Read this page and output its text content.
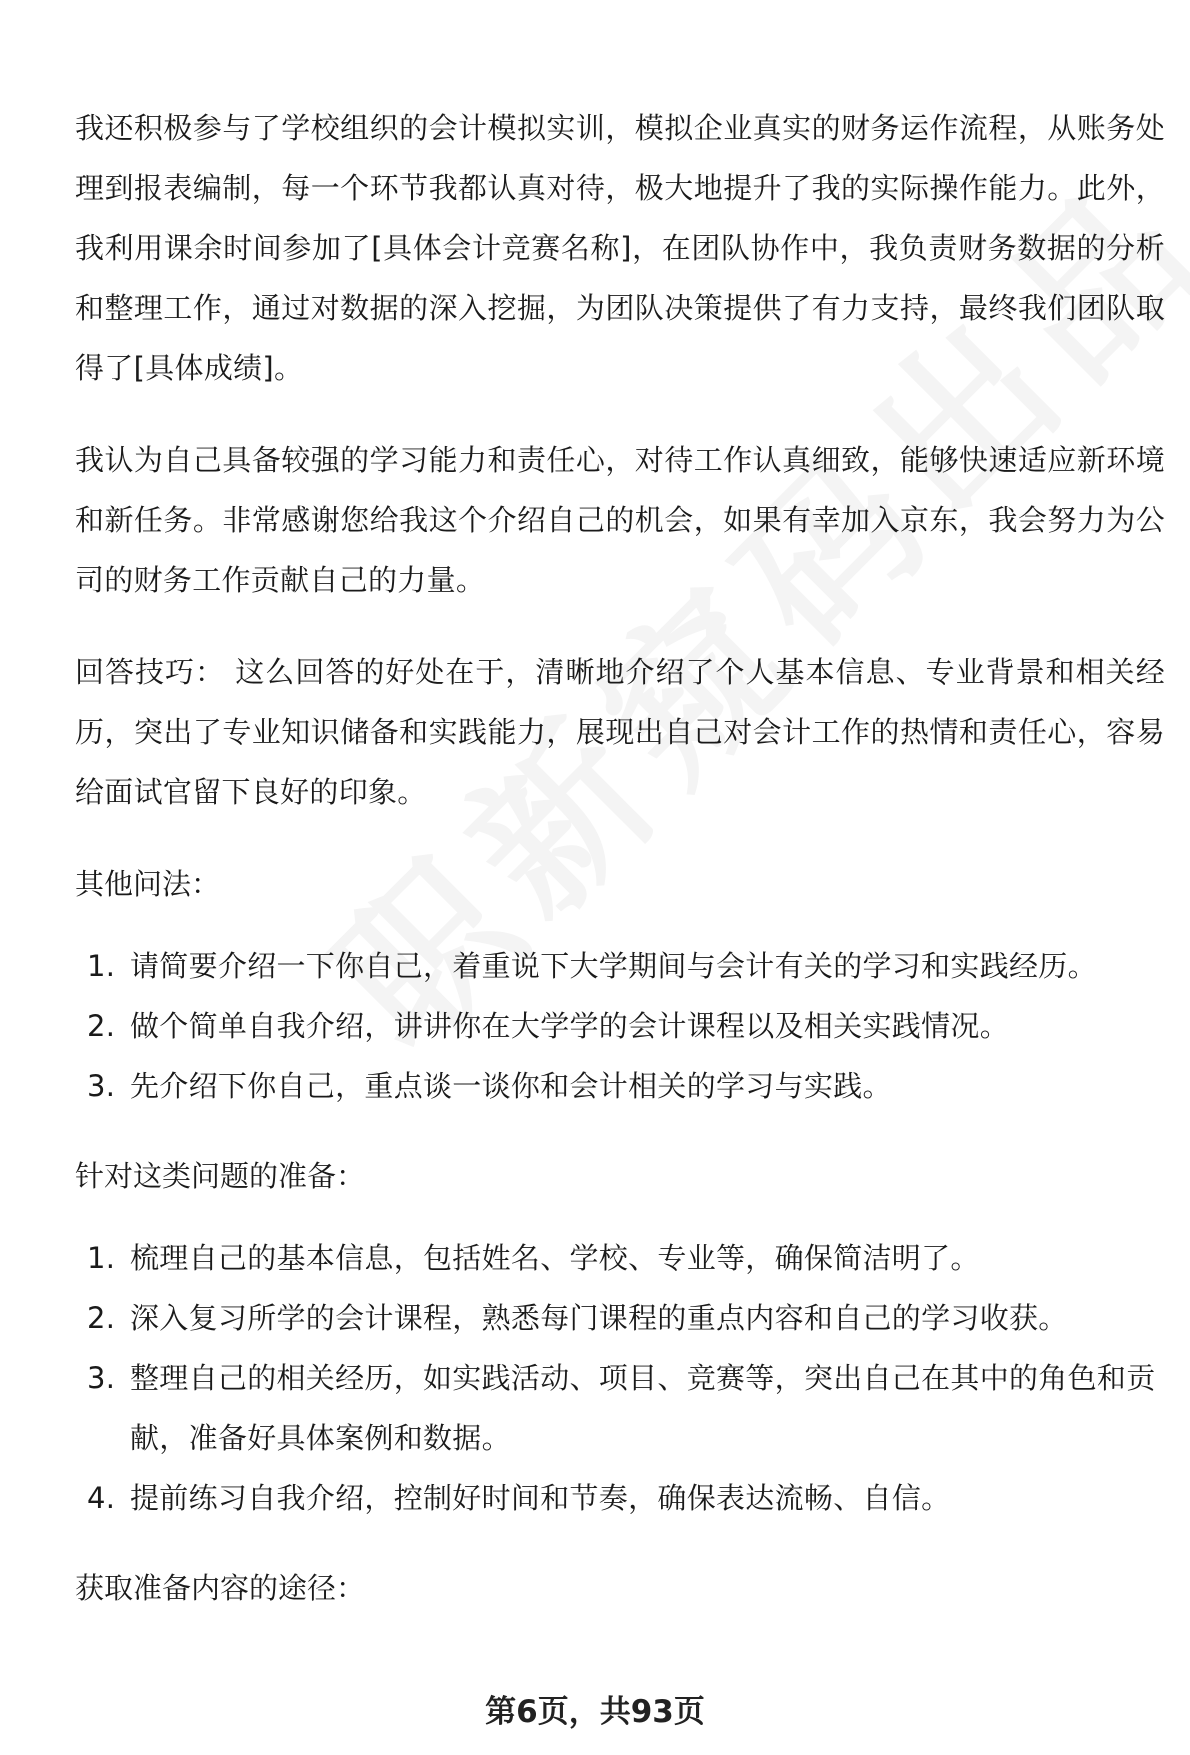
我还积极参与了学校组织的会计模拟实训，模拟企业真实的财务运作流程，从账务处理到报表编制，每一个环节我都认真对待，极大地提升了我的实际操作能力。此外，我利用课余时间参加了[具体会计竞赛名称]，在团队协作中，我负责财务数据的分析和整理工作，通过对数据的深入挖掘，为团队决策提供了有力支持，最终我们团队取得了[具体成绩]。

我认为自己具备较强的学习能力和责任心，对待工作认真细致，能够快速适应新环境和新任务。非常感谢您给我这个介绍自己的机会，如果有幸加入京东，我会努力为公司的财务工作贡献自己的力量。

回答技巧： 这么回答的好处在于，清晰地介绍了个人基本信息、专业背景和相关经历，突出了专业知识储备和实践能力，展现出自己对会计工作的热情和责任心，容易给面试官留下良好的印象。

其他问法：
1. 请简要介绍一下你自己，着重说下大学期间与会计有关的学习和实践经历。
2. 做个简单自我介绍，讲讲你在大学学的会计课程以及相关实践情况。
3. 先介绍下你自己，重点谈一谈你和会计相关的学习与实践。
针对这类问题的准备：
1. 梳理自己的基本信息，包括姓名、学校、专业等，确保简洁明了。
2. 深入复习所学的会计课程，熟悉每门课程的重点内容和自己的学习收获。
3. 整理自己的相关经历，如实践活动、项目、竞赛等，突出自己在其中的角色和贡献，准备好具体案例和数据。
4. 提前练习自我介绍，控制好时间和节奏，确保表达流畅、自信。
获取准备内容的途径：
第6页，共93页
